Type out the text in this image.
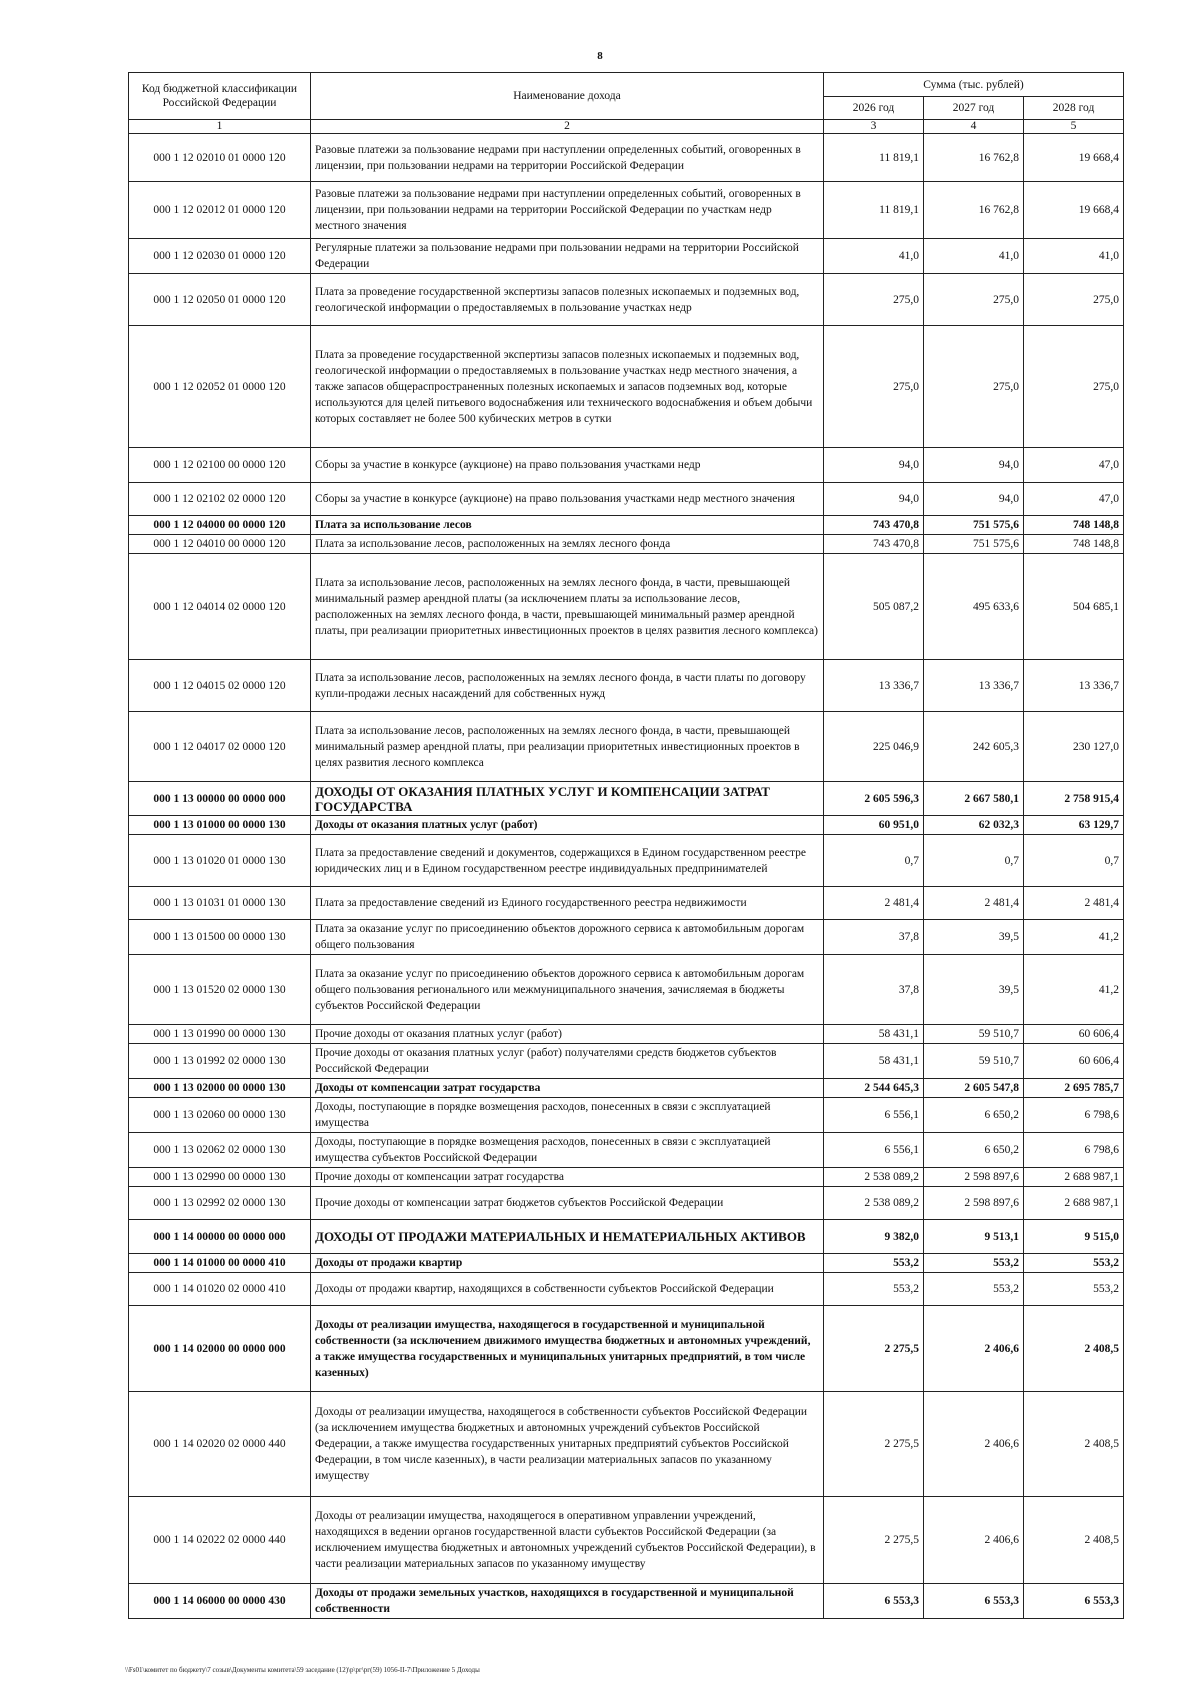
8
Код бюджетной классификации Российской Федерации	Наименование дохода	Сумма (тыс. рублей)		
		2026 год	2027 год	2028 год
1	2	3	4	5
000 1 12 02010 01 0000 120	Разовые платежи за пользование недрами при наступлении определенных событий, оговоренных в лицензии, при пользовании недрами на территории Российской Федерации	11 819,1	16 762,8	19 668,4
000 1 12 02012 01 0000 120	Разовые платежи за пользование недрами при наступлении определенных событий, оговоренных в лицензии, при пользовании недрами на территории Российской Федерации по участкам недр местного значения	11 819,1	16 762,8	19 668,4
000 1 12 02030 01 0000 120	Регулярные платежи за пользование недрами при пользовании недрами на территории Российской Федерации	41,0	41,0	41,0
000 1 12 02050 01 0000 120	Плата за проведение государственной экспертизы запасов полезных ископаемых и подземных вод, геологической информации о предоставляемых в пользование участках недр	275,0	275,0	275,0
000 1 12 02052 01 0000 120	Плата за проведение государственной экспертизы запасов полезных ископаемых и подземных вод, геологической информации о предоставляемых в пользование участках недр местного значения, а также запасов общераспространенных полезных ископаемых и запасов подземных вод, которые используются для целей питьевого водоснабжения или технического водоснабжения и объем добычи которых составляет не более 500 кубических метров в сутки	275,0	275,0	275,0
000 1 12 02100 00 0000 120	Сборы за участие в конкурсе (аукционе) на право пользования участками недр	94,0	94,0	47,0
000 1 12 02102 02 0000 120	Сборы за участие в конкурсе (аукционе) на право пользования участками недр местного значения	94,0	94,0	47,0
000 1 12 04000 00 0000 120	Плата за использование лесов	743 470,8	751 575,6	748 148,8
000 1 12 04010 00 0000 120	Плата за использование лесов, расположенных на землях лесного фонда	743 470,8	751 575,6	748 148,8
000 1 12 04014 02 0000 120	Плата за использование лесов, расположенных на землях лесного фонда, в части, превышающей минимальный размер арендной платы (за исключением платы за использование лесов, расположенных на землях лесного фонда, в части, превышающей минимальный размер арендной платы, при реализации приоритетных инвестиционных проектов в целях развития лесного комплекса)	505 087,2	495 633,6	504 685,1
000 1 12 04015 02 0000 120	Плата за использование лесов, расположенных на землях лесного фонда, в части платы по договору купли-продажи лесных насаждений для собственных нужд	13 336,7	13 336,7	13 336,7
000 1 12 04017 02 0000 120	Плата за использование лесов, расположенных на землях лесного фонда, в части, превышающей минимальный размер арендной платы, при реализации приоритетных инвестиционных проектов в целях развития лесного комплекса	225 046,9	242 605,3	230 127,0
000 1 13 00000 00 0000 000	ДОХОДЫ ОТ ОКАЗАНИЯ ПЛАТНЫХ УСЛУГ И КОМПЕНСАЦИИ ЗАТРАТ ГОСУДАРСТВА	2 605 596,3	2 667 580,1	2 758 915,4
000 1 13 01000 00 0000 130	Доходы от оказания платных услуг (работ)	60 951,0	62 032,3	63 129,7
000 1 13 01020 01 0000 130	Плата за предоставление сведений и документов, содержащихся в Едином государственном реестре юридических лиц и в Едином государственном реестре индивидуальных предпринимателей	0,7	0,7	0,7
000 1 13 01031 01 0000 130	Плата за предоставление сведений из Единого государственного реестра недвижимости	2 481,4	2 481,4	2 481,4
000 1 13 01500 00 0000 130	Плата за оказание услуг по присоединению объектов дорожного сервиса к автомобильным дорогам общего пользования	37,8	39,5	41,2
000 1 13 01520 02 0000 130	Плата за оказание услуг по присоединению объектов дорожного сервиса к автомобильным дорогам общего пользования регионального или межмуниципального значения, зачисляемая в бюджеты субъектов Российской Федерации	37,8	39,5	41,2
000 1 13 01990 00 0000 130	Прочие доходы от оказания платных услуг (работ)	58 431,1	59 510,7	60 606,4
000 1 13 01992 02 0000 130	Прочие доходы от оказания платных услуг (работ) получателями средств бюджетов субъектов Российской Федерации	58 431,1	59 510,7	60 606,4
000 1 13 02000 00 0000 130	Доходы от компенсации затрат государства	2 544 645,3	2 605 547,8	2 695 785,7
000 1 13 02060 00 0000 130	Доходы, поступающие в порядке возмещения расходов, понесенных в связи с эксплуатацией имущества	6 556,1	6 650,2	6 798,6
000 1 13 02062 02 0000 130	Доходы, поступающие в порядке возмещения расходов, понесенных в связи с эксплуатацией имущества субъектов Российской Федерации	6 556,1	6 650,2	6 798,6
000 1 13 02990 00 0000 130	Прочие доходы от компенсации затрат государства	2 538 089,2	2 598 897,6	2 688 987,1
000 1 13 02992 02 0000 130	Прочие доходы от компенсации затрат бюджетов субъектов Российской Федерации	2 538 089,2	2 598 897,6	2 688 987,1
000 1 14 00000 00 0000 000	ДОХОДЫ ОТ ПРОДАЖИ МАТЕРИАЛЬНЫХ И НЕМАТЕРИАЛЬНЫХ АКТИВОВ	9 382,0	9 513,1	9 515,0
000 1 14 01000 00 0000 410	Доходы от продажи квартир	553,2	553,2	553,2
000 1 14 01020 02 0000 410	Доходы от продажи квартир, находящихся в собственности субъектов Российской Федерации	553,2	553,2	553,2
000 1 14 02000 00 0000 000	Доходы от реализации имущества, находящегося в государственной и муниципальной собственности (за исключением движимого имущества бюджетных и автономных учреждений, а также имущества государственных и муниципальных унитарных предприятий, в том числе казенных)	2 275,5	2 406,6	2 408,5
000 1 14 02020 02 0000 440	Доходы от реализации имущества, находящегося в собственности субъектов Российской Федерации (за исключением имущества бюджетных и автономных учреждений субъектов Российской Федерации, а также имущества государственных унитарных предприятий субъектов Российской Федерации, в том числе казенных), в части реализации материальных запасов по указанному имуществу	2 275,5	2 406,6	2 408,5
000 1 14 02022 02 0000 440	Доходы от реализации имущества, находящегося в оперативном управлении учреждений, находящихся в ведении органов государственной власти субъектов Российской Федерации (за исключением имущества бюджетных и автономных учреждений субъектов Российской Федерации), в части реализации материальных запасов по указанному имуществу	2 275,5	2 406,6	2 408,5
000 1 14 06000 00 0000 430	Доходы от продажи земельных участков, находящихся в государственной и муниципальной собственности	6 553,3	6 553,3	6 553,3
\\Fs01\комитет по бюджету\7 созыв\Документы комитета\59 заседание (12)\р\рг\рг(59) 1056-II-7\Приложение 5 Доходы
